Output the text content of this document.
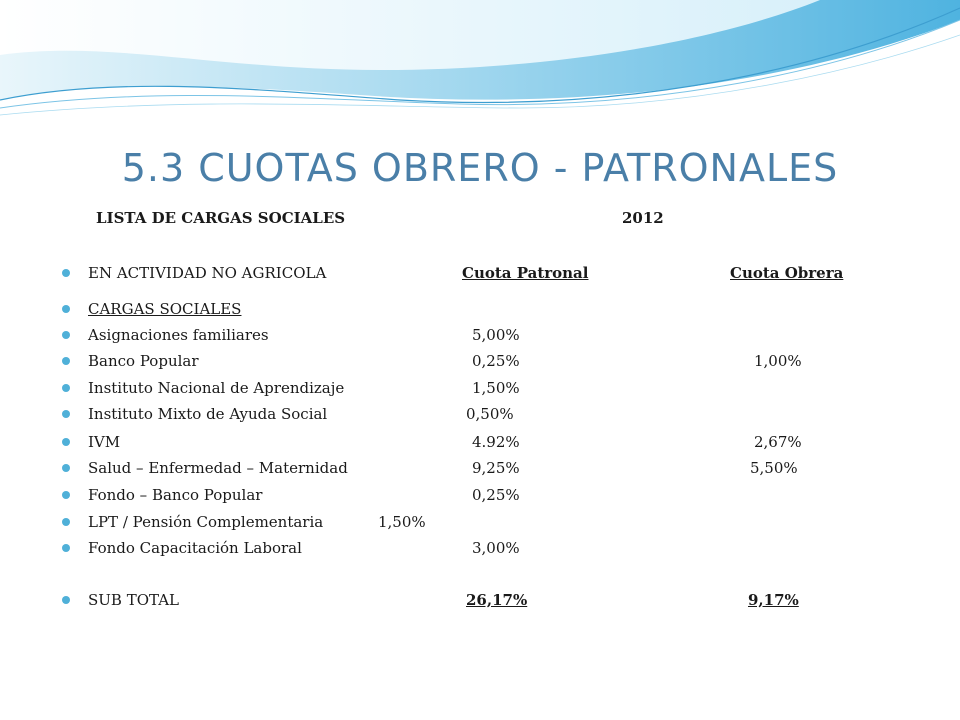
5.3 CUOTAS OBRERO - PATRONALES
LISTA DE CARGAS SOCIALES	2012
EN ACTIVIDAD NO AGRICOLA	Cuota Patronal	Cuota Obrera
CARGAS SOCIALES
Asignaciones familiares	5,00%
Banco Popular	0,25%	1,00%
Instituto Nacional de Aprendizaje	1,50%
Instituto Mixto de Ayuda Social	0,50%
IVM	4.92%	2,67%
Salud – Enfermedad – Maternidad	9,25%	5,50%
Fondo – Banco Popular	0,25%
LPT / Pensión Complementaria	1,50%
Fondo Capacitación Laboral	3,00%
SUB TOTAL	26,17%	9,17%
